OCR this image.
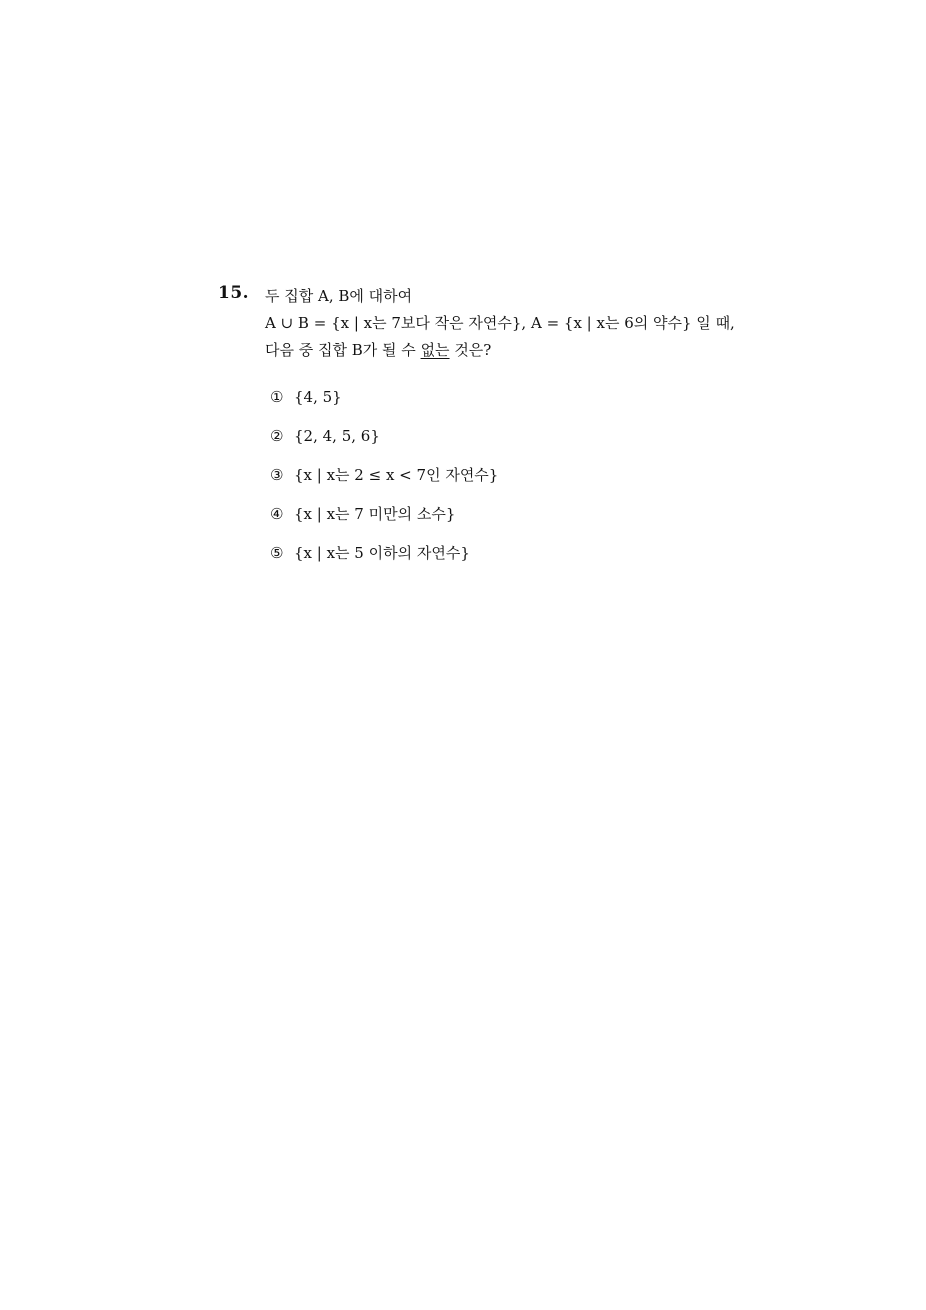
15. 두 집합 A, B에 대하여
A ∪ B = {x | x는 7보다 작은 자연수}, A = {x | x는 6의 약수} 일 때,
다음 중 집합 B가 될 수 없는 것은?
① {4, 5}
② {2, 4, 5, 6}
③ {x | x는 2 ≤ x < 7인 자연수}
④ {x | x는 7 미만의 소수}
⑤ {x | x는 5 이하의 자연수}
